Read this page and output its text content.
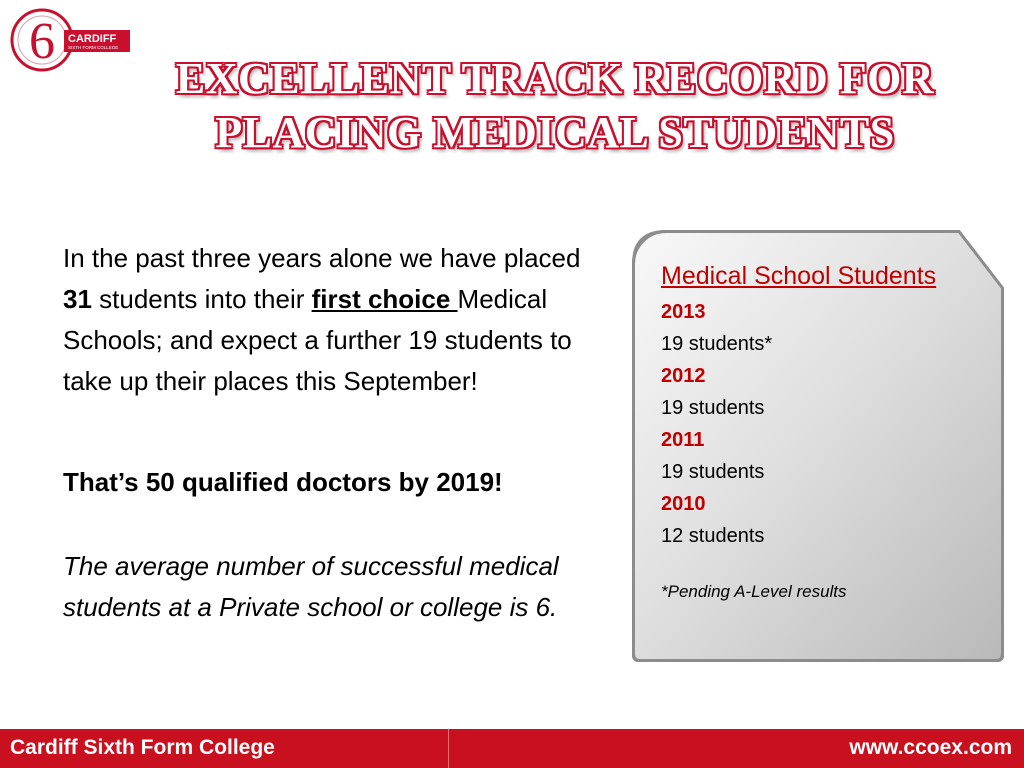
6 CARDIFF
SIXTH FORM COLLEGE
EXCELLENT TRACK RECORD FOR
PLACING MEDICAL STUDENTS

In the past three years alone we have placed 31 students into their first choice Medical Schools; and expect a further 19 students to take up their places this September!

That’s 50 qualified doctors by 2019!

The average number of successful medical students at a Private school or college is 6.

Medical School Students
2013
19 students*
2012
19 students
2011
19 students
2010
12 students
*Pending A-Level results
Cardiff Sixth Form College	www.ccoex.com
